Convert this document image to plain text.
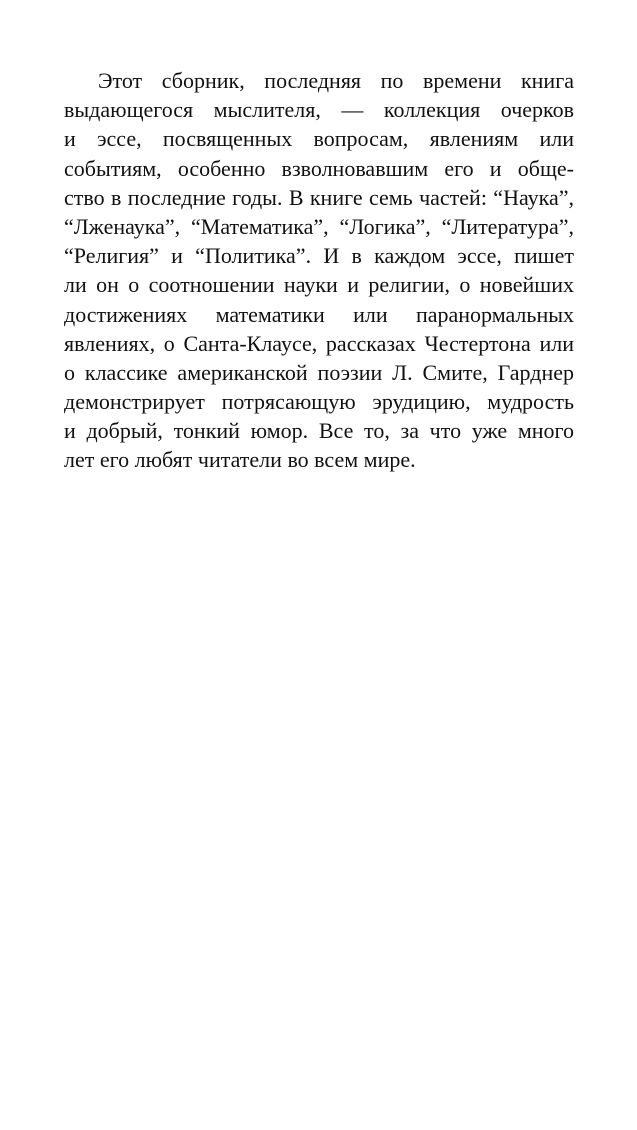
Этот сборник, последняя по времени книга
выдающегося мыслителя, — коллекция очерков
и эссе, посвященных вопросам, явлениям или
событиям, особенно взволновавшим его и обще-
ство в последние годы. В книге семь частей: “Наука”,
“Лженаука”, “Математика”, “Логика”, “Литература”,
“Религия” и “Политика”. И в каждом эссе, пишет
ли он о соотношении науки и религии, о новейших
достижениях математики или паранормальных
явлениях, о Санта-Клаусе, рассказах Честертона или
о классике американской поэзии Л. Смите, Гарднер
демонстрирует потрясающую эрудицию, мудрость
и добрый, тонкий юмор. Все то, за что уже много
лет его любят читатели во всем мире.
